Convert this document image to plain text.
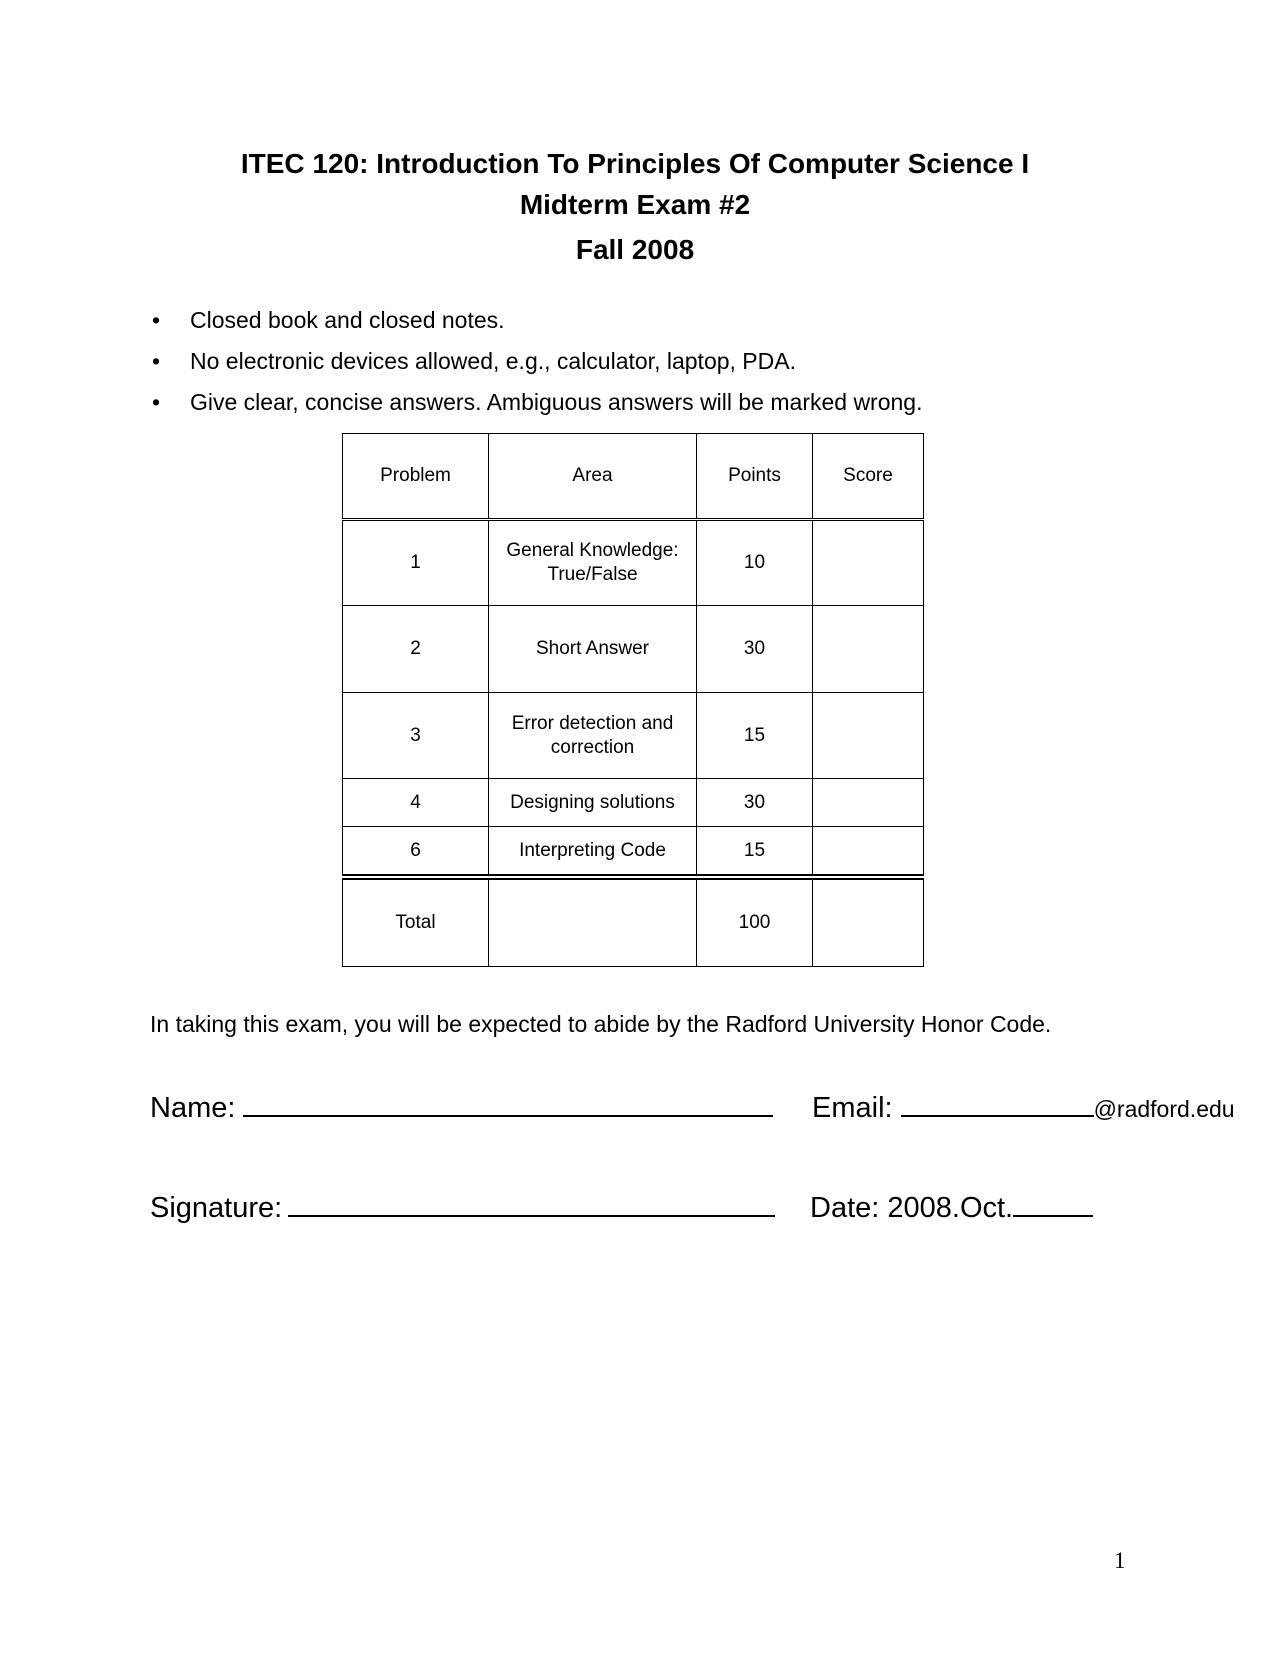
ITEC 120: Introduction To Principles Of Computer Science I
Midterm Exam #2
Fall 2008
• Closed book and closed notes.
• No electronic devices allowed, e.g., calculator, laptop, PDA.
• Give clear, concise answers. Ambiguous answers will be marked wrong.
Problem	Area	Points	Score
1	General Knowledge: True/False	10	
2	Short Answer	30	
3	Error detection and correction	15	
4	Designing solutions	30	
6	Interpreting Code	15	
Total		100	
In taking this exam, you will be expected to abide by the Radford University Honor Code.
Name:	Email:	@radford.edu
Signature:	Date: 2008.Oct.
1
